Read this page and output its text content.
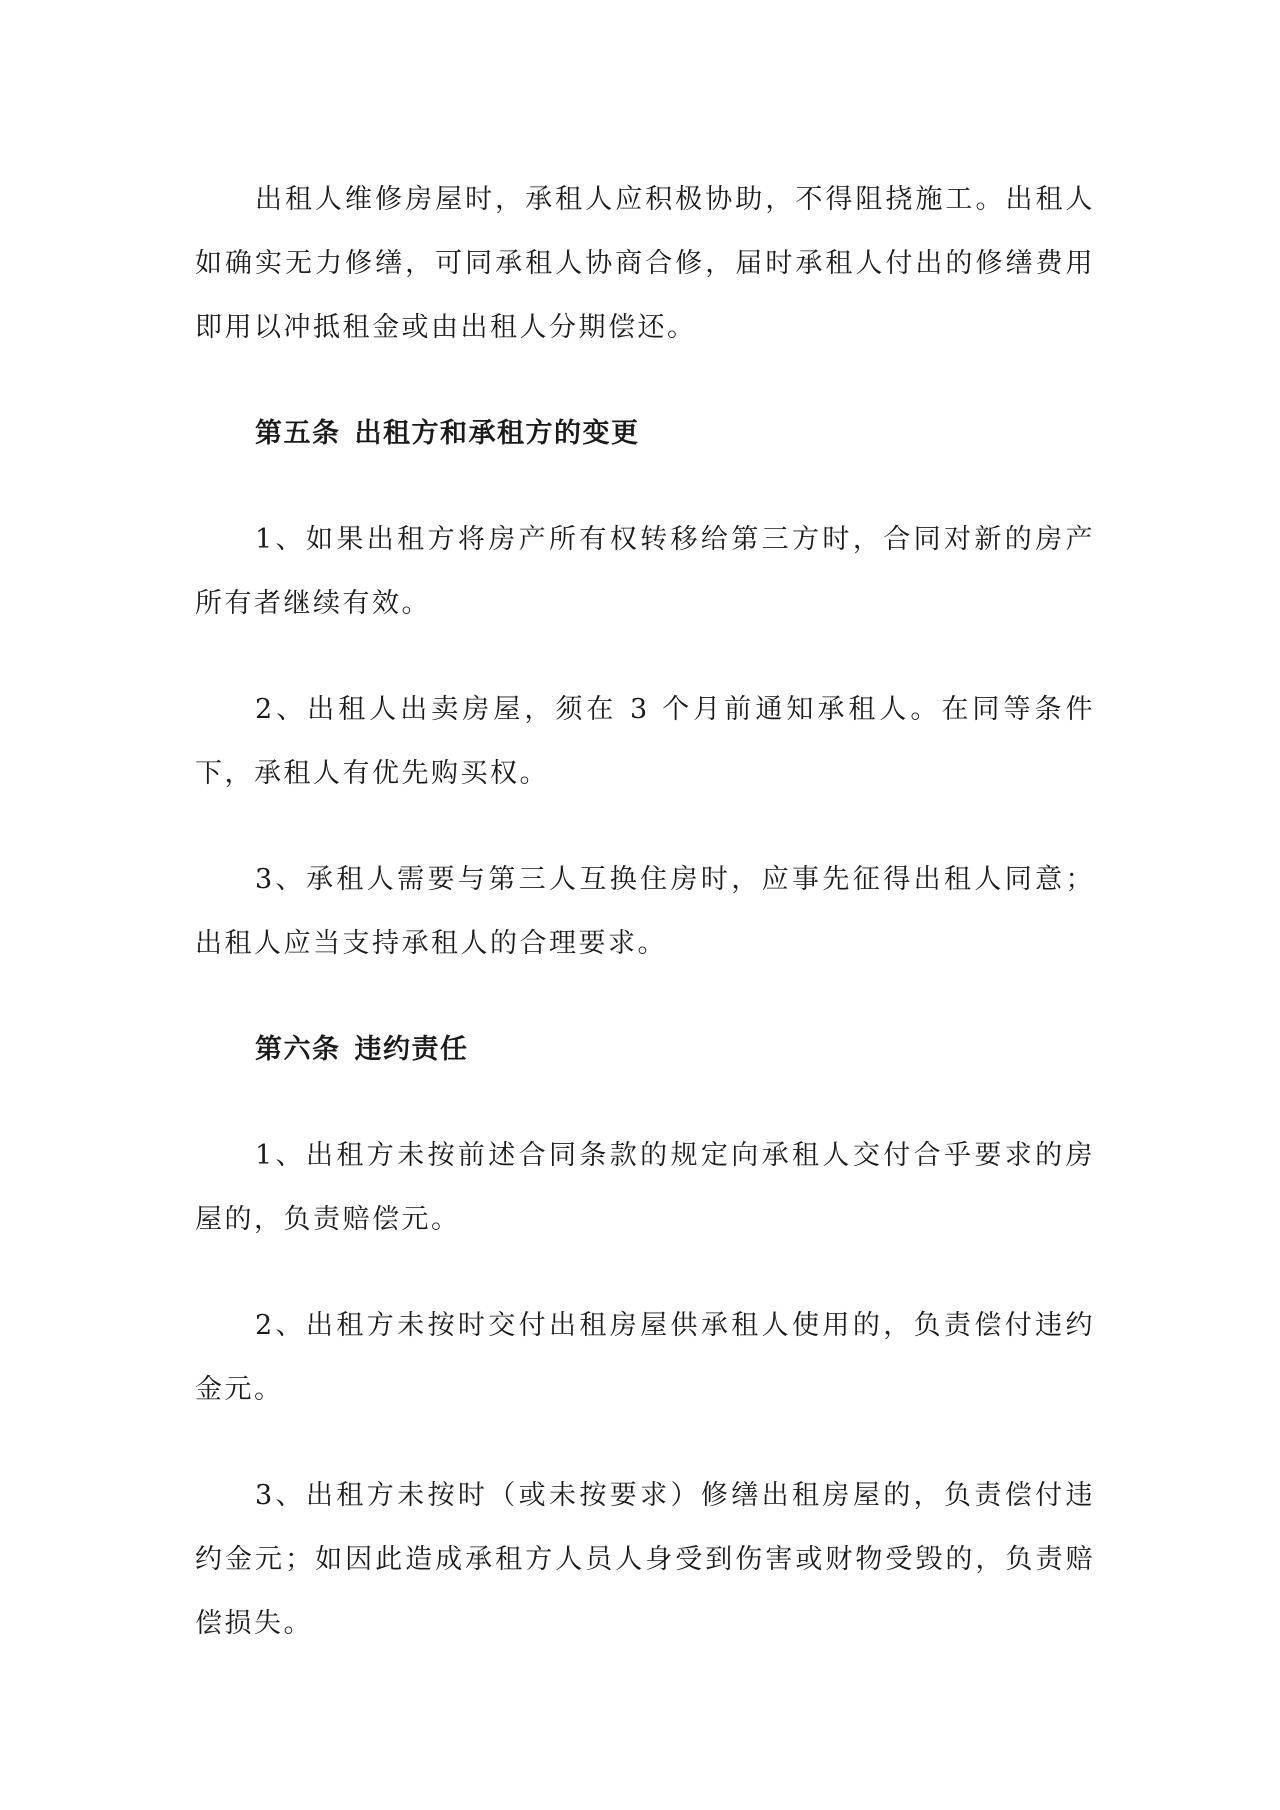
出租人维修房屋时，承租人应积极协助，不得阻挠施工。出租人如确实无力修缮，可同承租人协商合修，届时承租人付出的修缮费用即用以冲抵租金或由出租人分期偿还。

第五条 出租方和承租方的变更

1、如果出租方将房产所有权转移给第三方时，合同对新的房产所有者继续有效。

2、出租人出卖房屋，须在 3 个月前通知承租人。在同等条件下，承租人有优先购买权。

3、承租人需要与第三人互换住房时，应事先征得出租人同意；出租人应当支持承租人的合理要求。

第六条 违约责任

1、出租方未按前述合同条款的规定向承租人交付合乎要求的房屋的，负责赔偿元。

2、出租方未按时交付出租房屋供承租人使用的，负责偿付违约金元。

3、出租方未按时（或未按要求）修缮出租房屋的，负责偿付违约金元；如因此造成承租方人员人身受到伤害或财物受毁的，负责赔偿损失。
